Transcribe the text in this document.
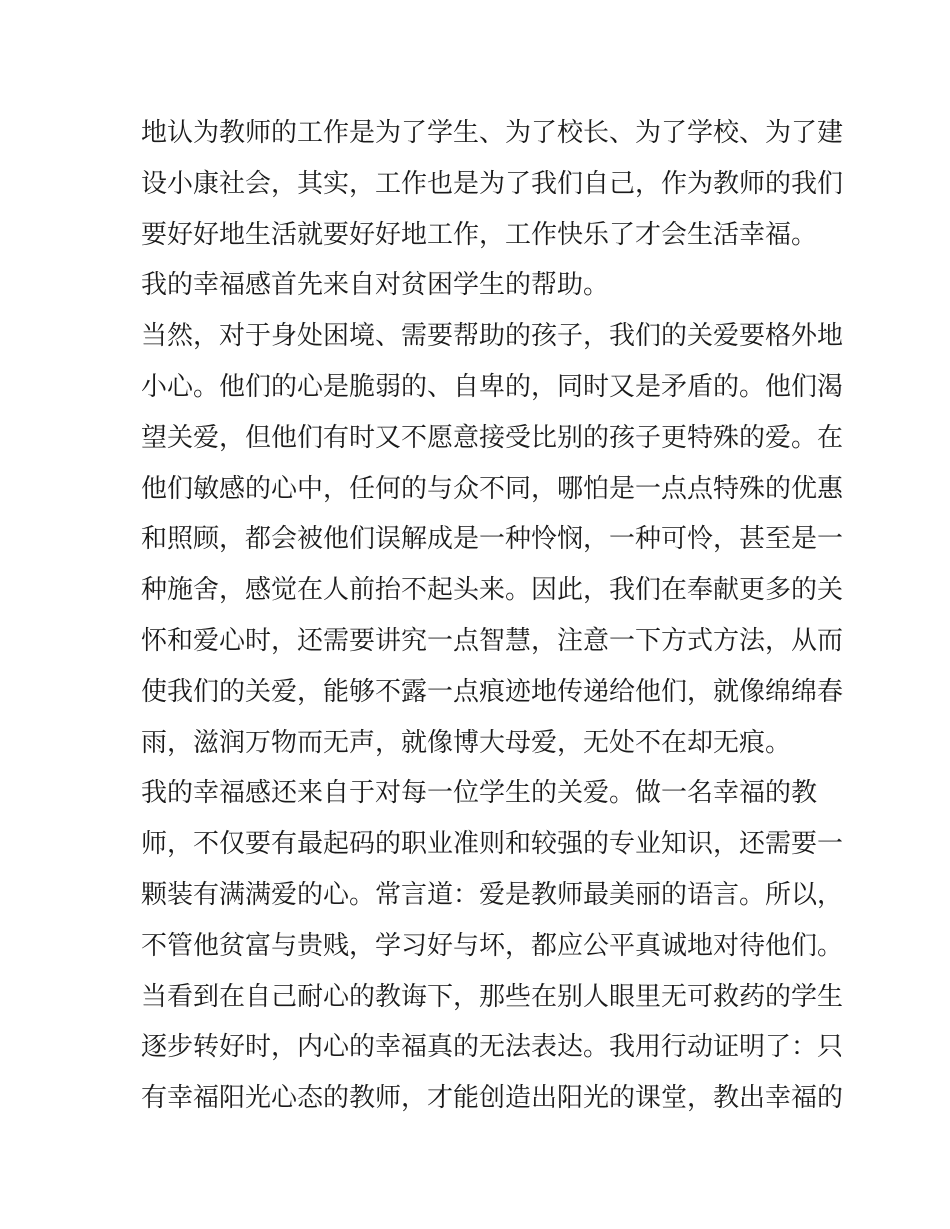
地认为教师的工作是为了学生、为了校长、为了学校、为了建
设小康社会，其实，工作也是为了我们自己，作为教师的我们
要好好地生活就要好好地工作，工作快乐了才会生活幸福。
我的幸福感首先来自对贫困学生的帮助。
当然，对于身处困境、需要帮助的孩子，我们的关爱要格外地
小心。他们的心是脆弱的、自卑的，同时又是矛盾的。他们渴
望关爱，但他们有时又不愿意接受比别的孩子更特殊的爱。在
他们敏感的心中，任何的与众不同，哪怕是一点点特殊的优惠
和照顾，都会被他们误解成是一种怜悯，一种可怜，甚至是一
种施舍，感觉在人前抬不起头来。因此，我们在奉献更多的关
怀和爱心时，还需要讲究一点智慧，注意一下方式方法，从而
使我们的关爱，能够不露一点痕迹地传递给他们，就像绵绵春
雨，滋润万物而无声，就像博大母爱，无处不在却无痕。
我的幸福感还来自于对每一位学生的关爱。做一名幸福的教
师，不仅要有最起码的职业准则和较强的专业知识，还需要一
颗装有满满爱的心。常言道：爱是教师最美丽的语言。所以，
不管他贫富与贵贱，学习好与坏，都应公平真诚地对待他们。
当看到在自己耐心的教诲下，那些在别人眼里无可救药的学生
逐步转好时，内心的幸福真的无法表达。我用行动证明了：只
有幸福阳光心态的教师，才能创造出阳光的课堂，教出幸福的
